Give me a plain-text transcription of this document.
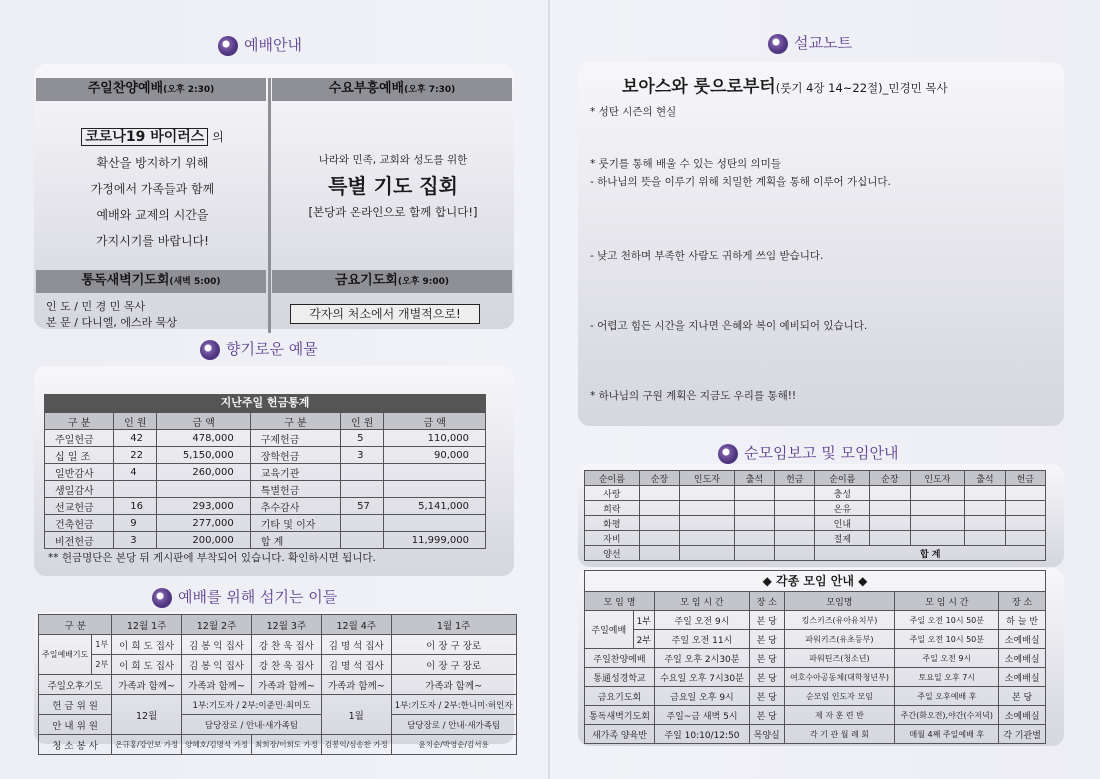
예배안내
주일찬양예배(오후 2:30)	수요부흥예배(오후 7:30)
코로나19 바이러스 의
확산을 방지하기 위해
가정에서 가족들과 함께
예배와 교제의 시간을
가지시기를 바랍니다!
나라와 민족, 교회와 성도를 위한
특별 기도 집회
[본당과 온라인으로 함께 합니다!]
통독새벽기도회(새벽 5:00)	금요기도회(오후 9:00)
인 도 / 민 경 민 목사
본 문 / 다니엘, 에스라 묵상
각자의 처소에서 개별적으로!
향기로운 예물
지난주일 헌금통계
구 분	인 원	금 액	구 분	인 원	금 액
주일헌금	42	478,000	구제헌금	5	110,000
십 일 조	22	5,150,000	장학헌금	3	90,000
일반감사	4	260,000	교육기관		
생일감사			특별헌금		
선교헌금	16	293,000	추수감사	57	5,141,000
건축헌금	9	277,000	기타 및 이자		
비전헌금	3	200,000	합 계		11,999,000
** 헌금명단은 본당 뒤 게시판에 부착되어 있습니다. 확인하시면 됩니다.
예배를 위해 섬기는 이들
구 분		12월 1주	12월 2주	12월 3주	12월 4주	1월 1주
주일예배기도	1부	이 희 도 집사	김 봉 익 집사	강 찬 욱 집사	김 명 석 집사	이 장 구 장로
	2부	이 희 도 집사	김 봉 익 집사	강 찬 욱 집사	김 명 석 집사	이 장 구 장로
주일오후기도		가족과 함께~	가족과 함께~	가족과 함께~	가족과 함께~	가족과 함께~
헌 금 위 원		12월	1부:기도자 / 2부:이준민·최미도		1월	1부:기도자 / 2부:한니미·허인자
안 내 위 원			담당장로 / 안내·새가족팀			담당장로 / 안내·새가족팀
청 소 봉 사		온규홍/강인보 가정	양혜호/김명석 가정	최희장/이희도 가정	김봉익/심송찬 가정	윤치순/박영순/김서용
설교노트
보아스와 룻으로부터(룻기 4장 14~22절)_민경민 목사
* 성탄 시즌의 현실
* 룻기를 통해 배울 수 있는 성탄의 의미들
- 하나님의 뜻을 이루기 위해 치밀한 계획을 통해 이루어 가십니다.
- 낮고 천하며 부족한 사람도 귀하게 쓰임 받습니다.
- 어렵고 힘든 시간을 지나면 은혜와 복이 예비되어 있습니다.
* 하나님의 구원 계획은 지금도 우리를 통해!!
순모임보고 및 모임안내
순이름	순장	인도자	출석	헌금	순이름	순장	인도자	출석	헌금
사랑					충성				
희락					온유				
화평					인내				
자비					절제				
양선					합 계				
◆ 각종 모임 안내 ◆
모 임 명		모 임 시 간	장 소	모임명	모 임 시 간	장 소
주일예배	1부	주일 오전 9시	본 당	킹스키즈(유아유치부)	주일 오전 10시 50분	하 늘 반
	2부	주일 오전 11시	본 당	파워키즈(유초등부)	주일 오전 10시 50분	소예배실
주일찬양예배		주일 오후 2시30분	본 당	파워틴즈(청소년)	주일 오전 9시	소예배실
통通성경학교		수요일 오후 7시30분	본 당	여호수아공동체(대학청년부)	토요일 오후 7시	소예배실
금요기도회		금요일 오후 9시	본 당	순모임 인도자 모임	주일 오후예배 후	본 당
통독새벽기도회		주일~금 새벽 5시	본 당	제 자 훈 련 반	주간(화오전),야간(수저녁)	소예배실
새가족 양육반		주일 10:10/12:50	목양실	각 기 관 월 례 회	매월 4째 주일예배 후	각 기관별
